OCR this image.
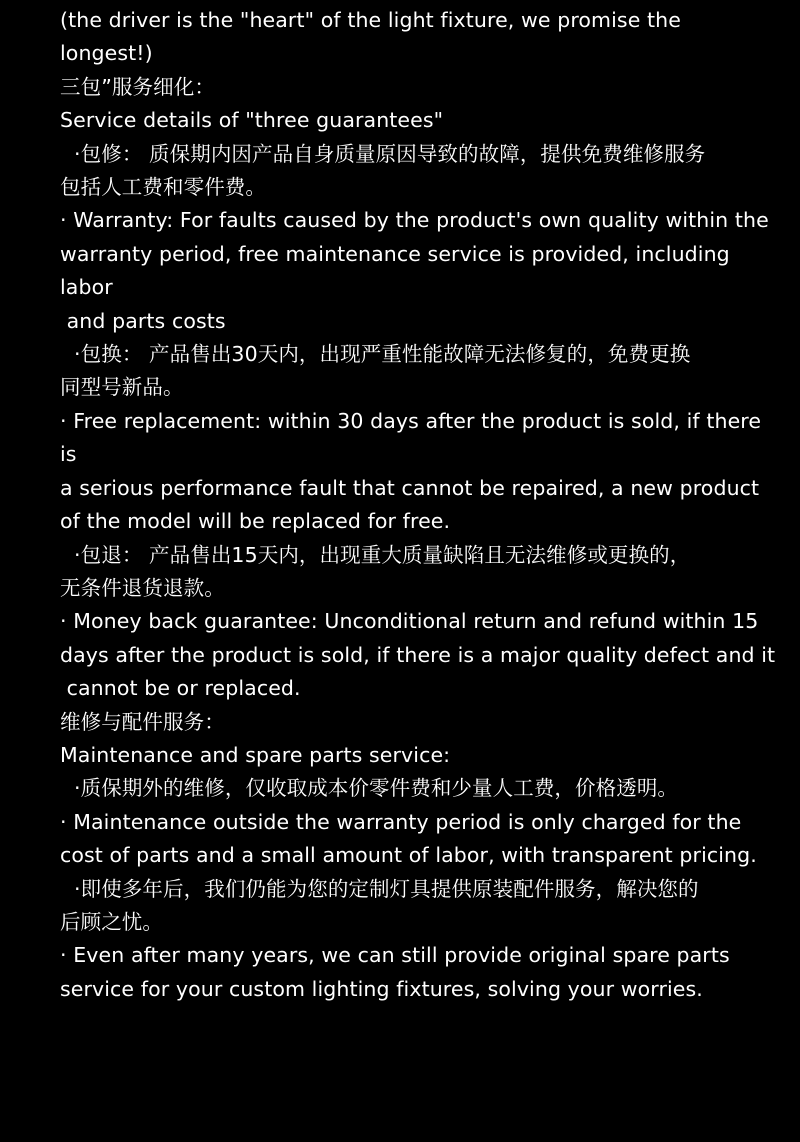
(the driver is the "heart" of the light fixture, we promise the longest!)
三包”服务细化：
Service details of "three guarantees"
·包修： 质保期内因产品自身质量原因导致的故障，提供免费维修服务
包括人工费和零件费。
· Warranty: For faults caused by the product's own quality within the
warranty period, free maintenance service is provided, including labor
and parts costs
·包换： 产品售出30天内，出现严重性能故障无法修复的，免费更换
同型号新品。
· Free replacement: within 30 days after the product is sold, if there is
a serious performance fault that cannot be repaired, a new product
of the model will be replaced for free.
·包退： 产品售出15天内，出现重大质量缺陷且无法维修或更换的，
无条件退货退款。
· Money back guarantee: Unconditional return and refund within 15
days after the product is sold, if there is a major quality defect and it
cannot be or replaced.
维修与配件服务：
Maintenance and spare parts service:
·质保期外的维修，仅收取成本价零件费和少量人工费，价格透明。
· Maintenance outside the warranty period is only charged for the
cost of parts and a small amount of labor, with transparent pricing.
·即使多年后，我们仍能为您的定制灯具提供原装配件服务，解决您的
后顾之忧。
· Even after many years, we can still provide original spare parts
service for your custom lighting fixtures, solving your worries.
